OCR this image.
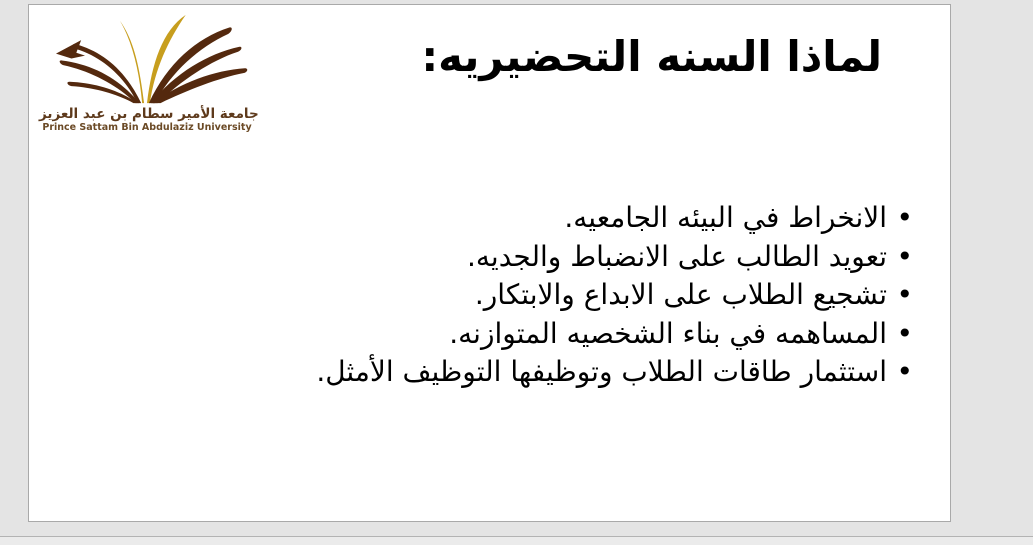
جامعة الأمير سطام بن عبد العزيز
Prince Sattam Bin Abdulaziz University
لماذا السنه التحضيريه:
•
الانخراط في البيئه الجامعيه.
•
تعويد الطالب على الانضباط والجديه.
•
تشجيع الطلاب على الابداع والابتكار.
•
المساهمه في بناء الشخصيه المتوازنه.
•
استثمار طاقات الطلاب وتوظيفها التوظيف الأمثل.
